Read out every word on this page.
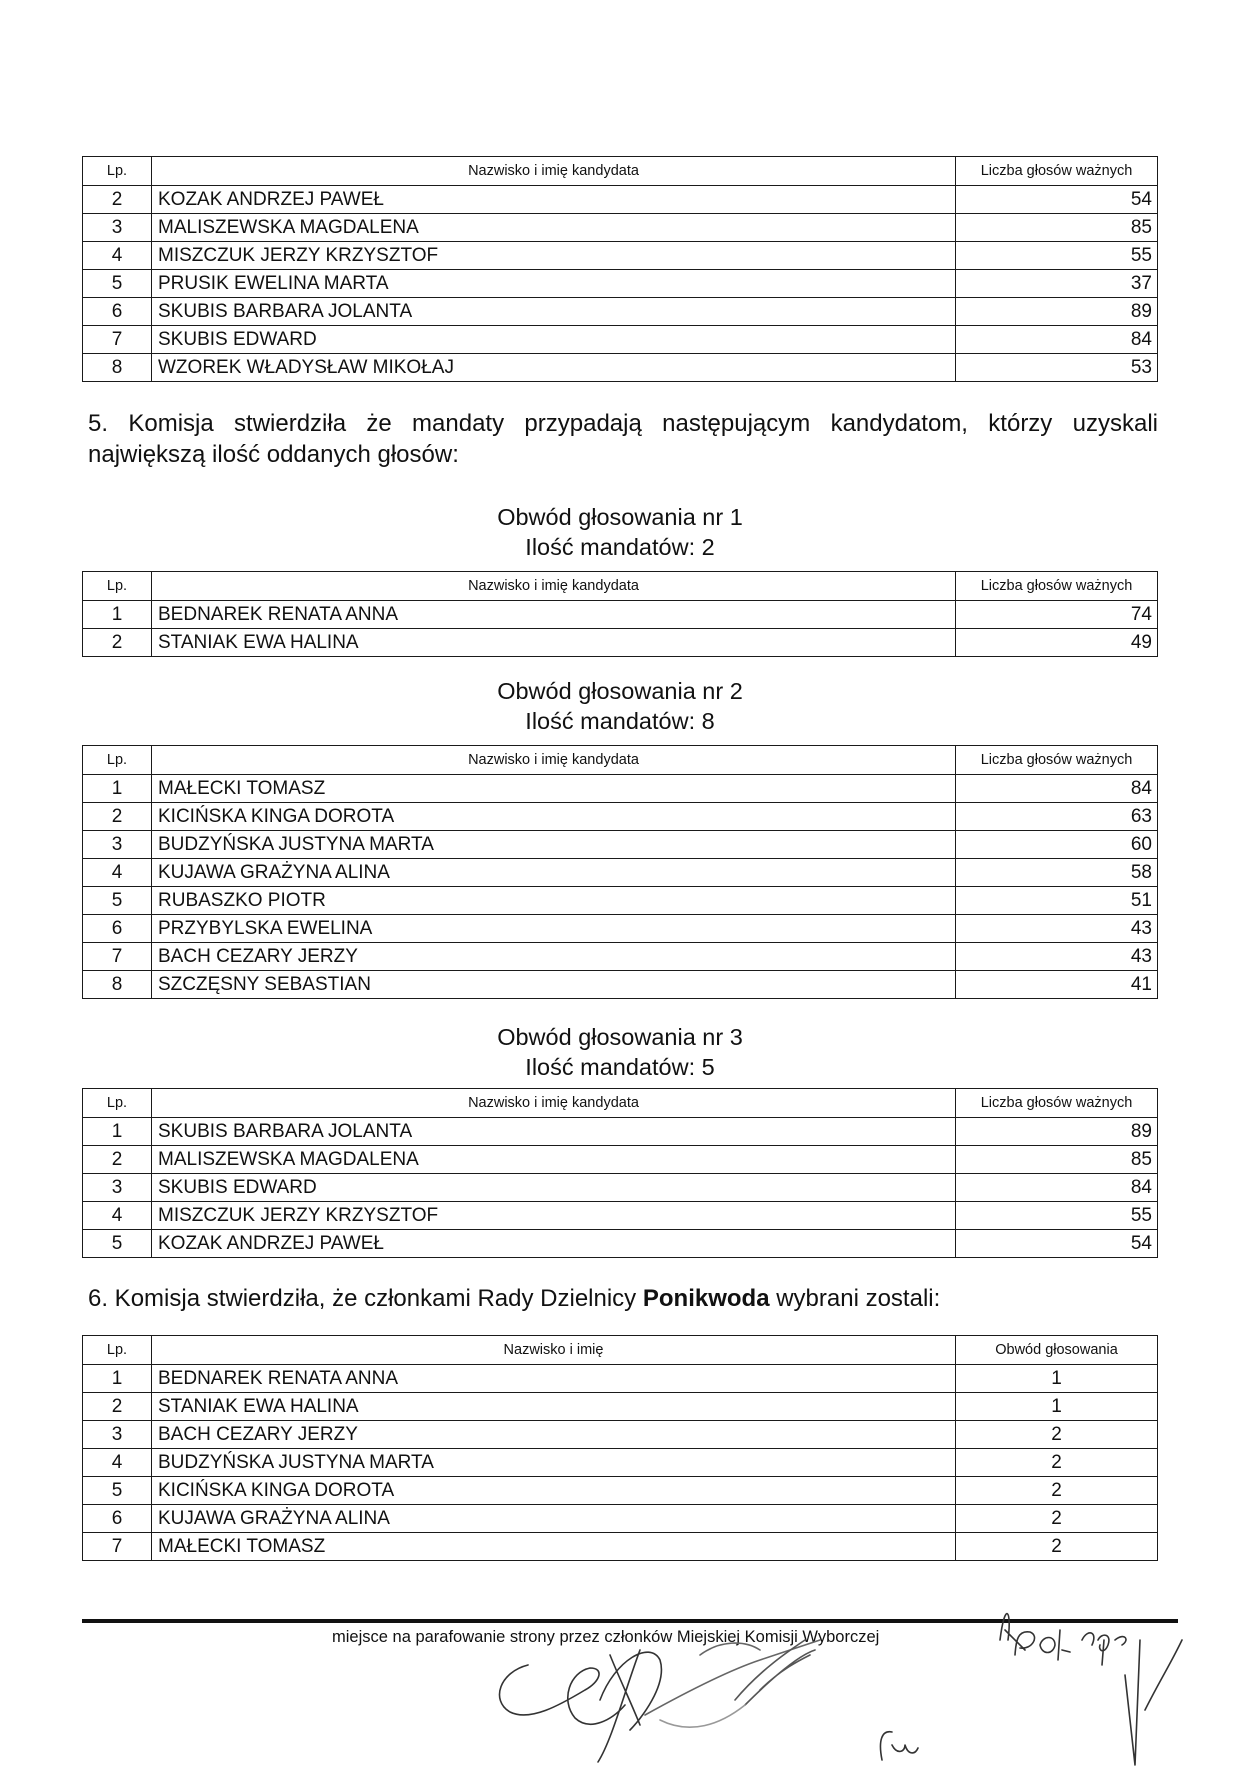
Lp.	Nazwisko i imię kandydata	Liczba głosów ważnych
2	KOZAK ANDRZEJ PAWEŁ	54
3	MALISZEWSKA MAGDALENA	85
4	MISZCZUK JERZY KRZYSZTOF	55
5	PRUSIK EWELINA MARTA	37
6	SKUBIS BARBARA JOLANTA	89
7	SKUBIS EDWARD	84
8	WZOREK WŁADYSŁAW MIKOŁAJ	53
5. Komisja stwierdziła że mandaty przypadają następującym kandydatom, którzy uzyskali
największą ilość oddanych głosów:
Obwód głosowania nr 1
Ilość mandatów: 2
Lp.	Nazwisko i imię kandydata	Liczba głosów ważnych
1	BEDNAREK RENATA ANNA	74
2	STANIAK EWA HALINA	49
Obwód głosowania nr 2
Ilość mandatów: 8
Lp.	Nazwisko i imię kandydata	Liczba głosów ważnych
1	MAŁECKI TOMASZ	84
2	KICIŃSKA KINGA DOROTA	63
3	BUDZYŃSKA JUSTYNA MARTA	60
4	KUJAWA GRAŻYNA ALINA	58
5	RUBASZKO PIOTR	51
6	PRZYBYLSKA EWELINA	43
7	BACH CEZARY JERZY	43
8	SZCZĘSNY SEBASTIAN	41
Obwód głosowania nr 3
Ilość mandatów: 5
Lp.	Nazwisko i imię kandydata	Liczba głosów ważnych
1	SKUBIS BARBARA JOLANTA	89
2	MALISZEWSKA MAGDALENA	85
3	SKUBIS EDWARD	84
4	MISZCZUK JERZY KRZYSZTOF	55
5	KOZAK ANDRZEJ PAWEŁ	54
6. Komisja stwierdziła, że członkami Rady Dzielnicy Ponikwoda wybrani zostali:
Lp.	Nazwisko i imię	Obwód głosowania
1	BEDNAREK RENATA ANNA	1
2	STANIAK EWA HALINA	1
3	BACH CEZARY JERZY	2
4	BUDZYŃSKA JUSTYNA MARTA	2
5	KICIŃSKA KINGA DOROTA	2
6	KUJAWA GRAŻYNA ALINA	2
7	MAŁECKI TOMASZ	2
miejsce na parafowanie strony przez członków Miejskiej Komisji Wyborczej
